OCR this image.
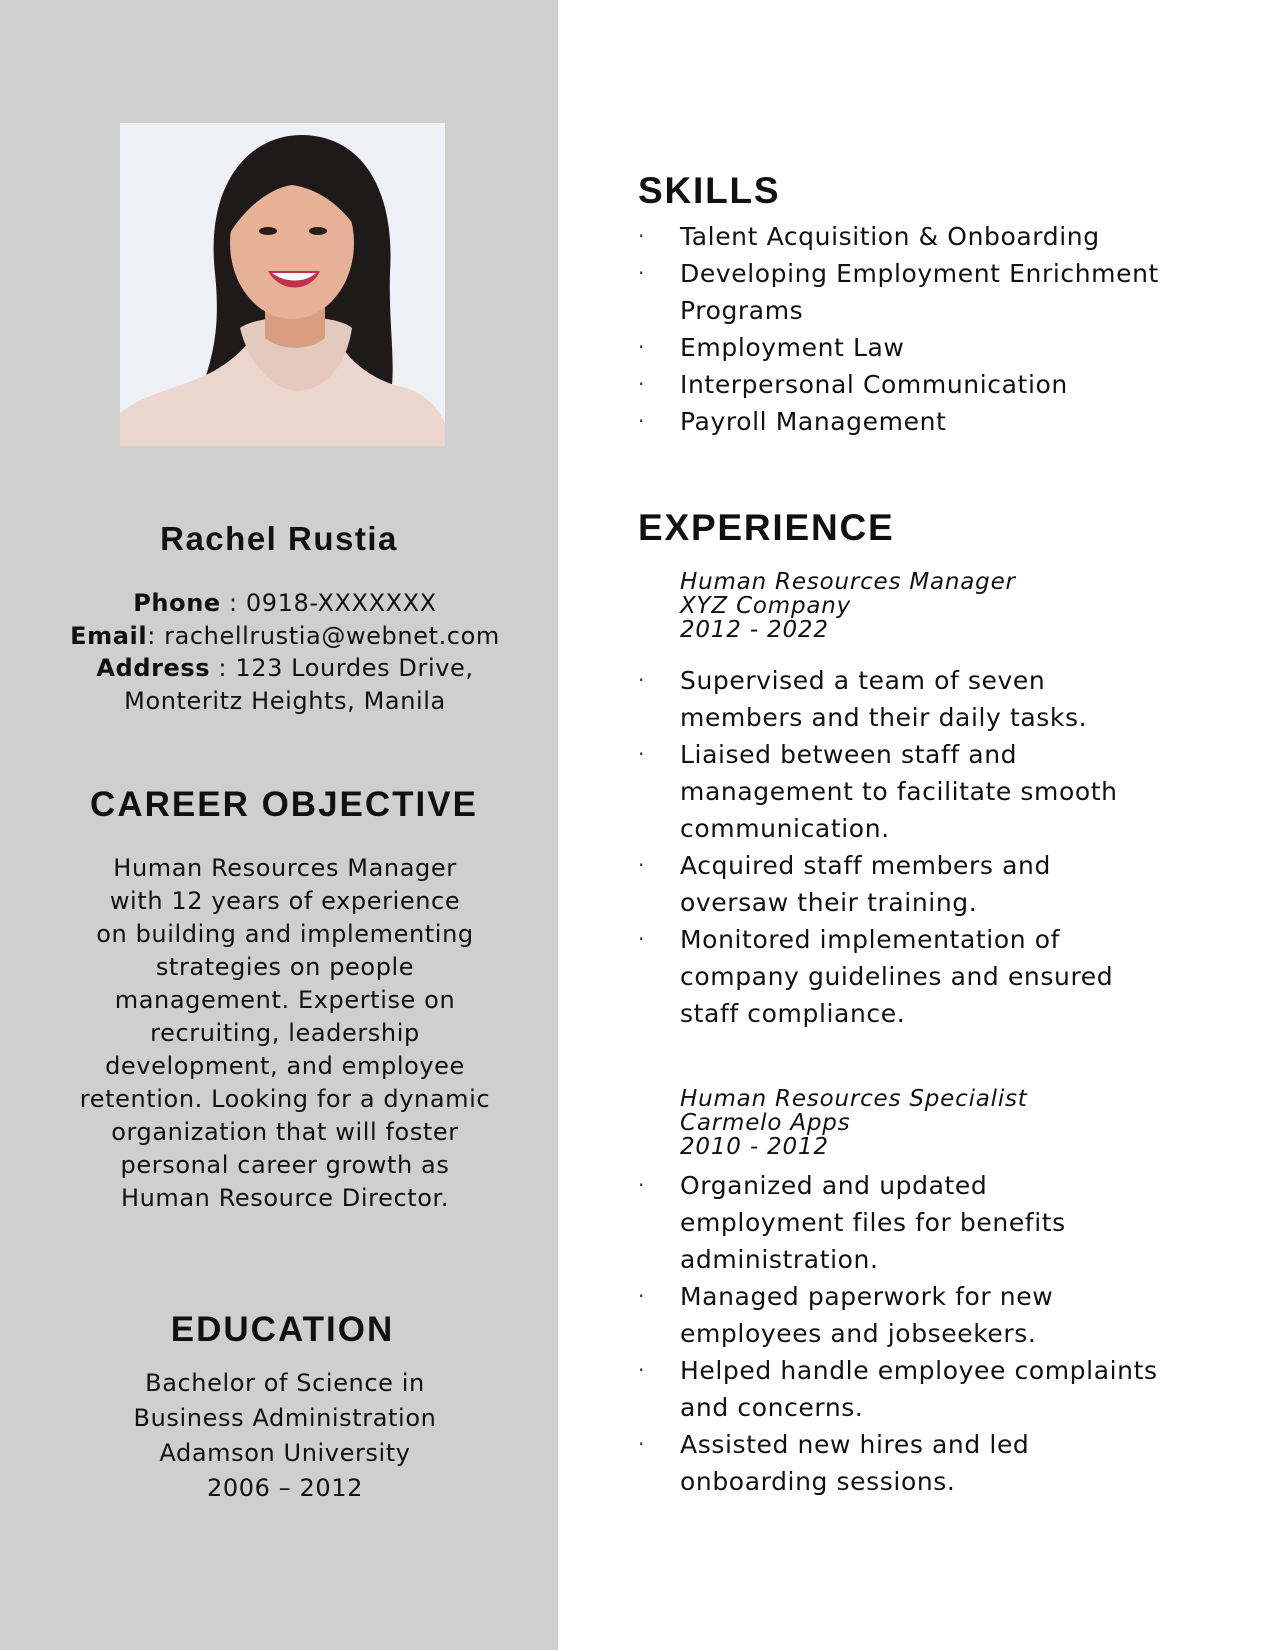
Rachel Rustia
Phone : 0918-XXXXXXX
Email: rachellrustia@webnet.com
Address : 123 Lourdes Drive,
Monteritz Heights, Manila
CAREER OBJECTIVE

Human Resources Manager

with 12 years of experience

on building and implementing

strategies on people

management. Expertise on

recruiting, leadership

development, and employee

retention. Looking for a dynamic

organization that will foster

personal career growth as

Human Resource Director.

EDUCATION

Bachelor of Science in

Business Administration

Adamson University

2006 – 2012

SKILLS
· Talent Acquisition & Onboarding
· Developing Employment Enrichment Programs
· Employment Law
· Interpersonal Communication
· Payroll Management
EXPERIENCE
Human Resources Manager
XYZ Company
2012 - 2022
· Supervised a team of seven members and their daily tasks.
· Liaised between staff and management to facilitate smooth communication.
· Acquired staff members and oversaw their training.
· Monitored implementation of company guidelines and ensured staff compliance.
Human Resources Specialist
Carmelo Apps
2010 - 2012
· Organized and updated employment files for benefits administration.
· Managed paperwork for new employees and jobseekers.
· Helped handle employee complaints and concerns.
· Assisted new hires and led onboarding sessions.
